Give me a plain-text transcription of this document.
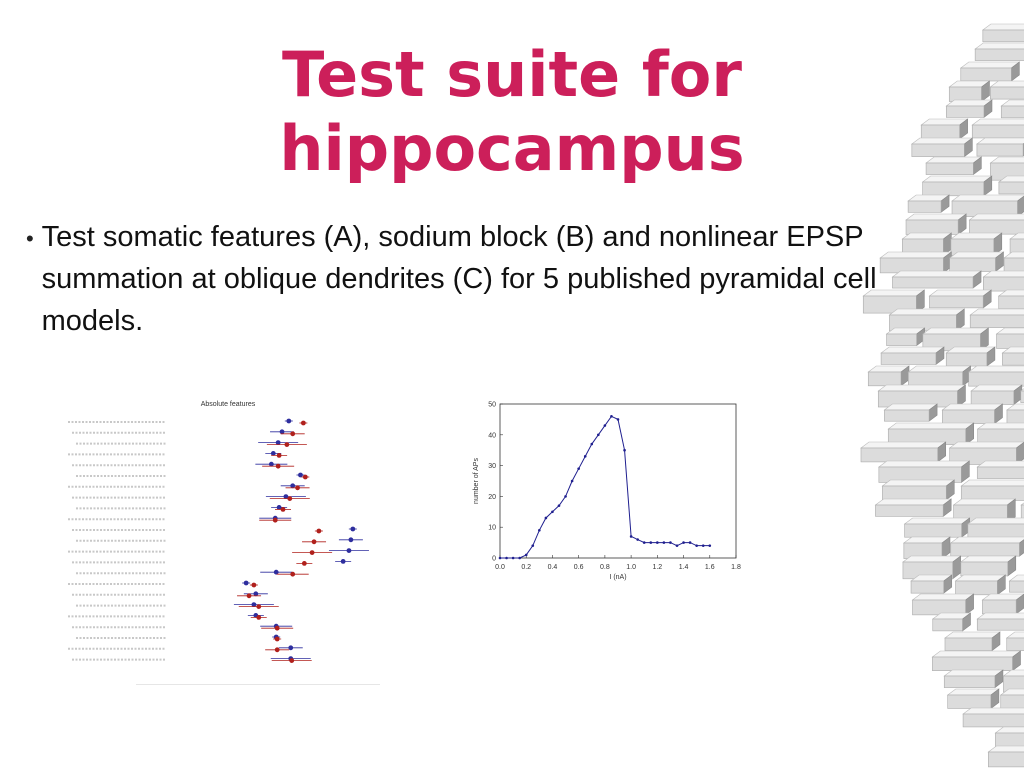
Test suite for
hippocampus
• Test somatic features (A), sodium block (B) and nonlinear EPSP summation at oblique dendrites (C) for 5 published pyramidal cell models.
Absolute features
0.0 0.2 0.4 0.6 0.8 1.0 1.2 1.4 1.6 1.8
0
10
20
30
40
50
I (nA)
number of APs
